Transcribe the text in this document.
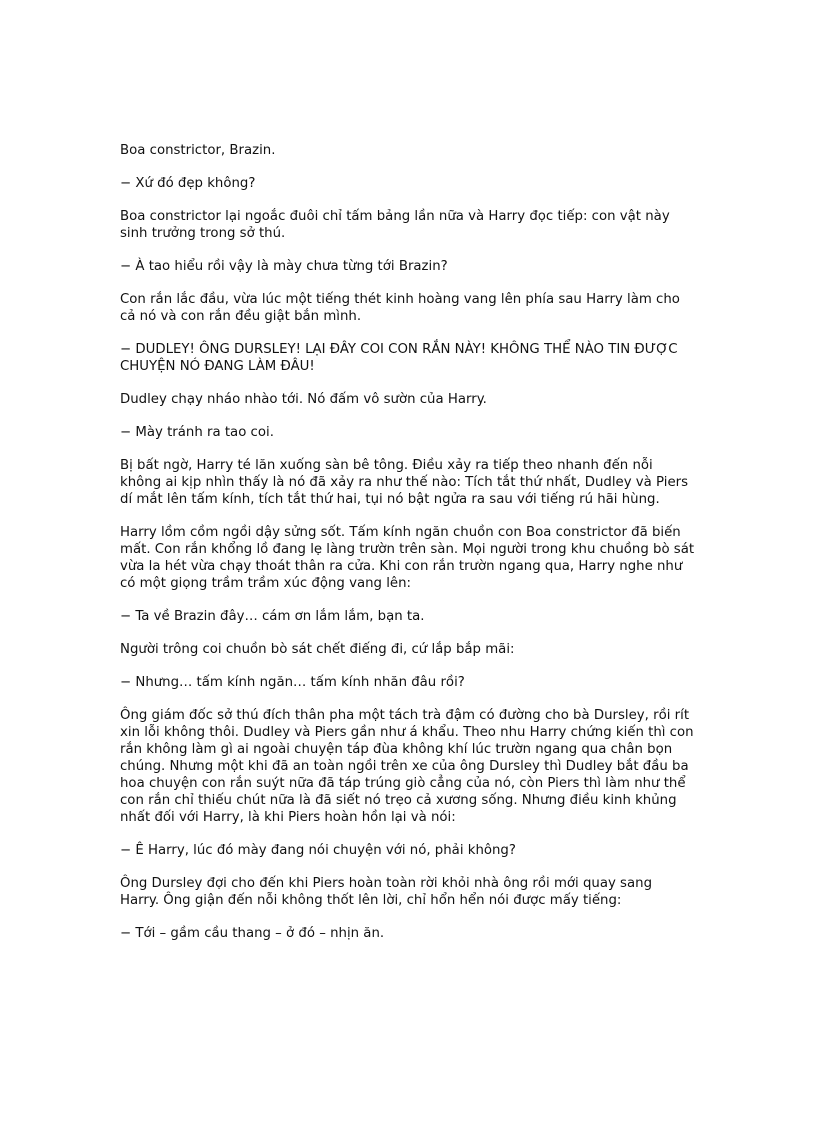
Boa constrictor, Brazin.

− Xứ đó đẹp không?

Boa constrictor lại ngoắc đuôi chỉ tấm bảng lần nữa và Harry đọc tiếp: con vật này sinh trưởng trong sở thú.

− À tao hiểu rồi vậy là mày chưa từng tới Brazin?

Con rắn lắc đầu, vừa lúc một tiếng thét kinh hoàng vang lên phía sau Harry làm cho cả nó và con rắn đều giật bắn mình.

− DUDLEY! ÔNG DURSLEY! LẠI ĐÂY COI CON RẮN NÀY! KHÔNG THỂ NÀO TIN ĐƯỢC CHUYỆN NÓ ĐANG LÀM ĐÂU!

Dudley chạy nháo nhào tới. Nó đấm vô sườn của Harry.

− Mày tránh ra tao coi.

Bị bất ngờ, Harry té lăn xuống sàn bê tông. Điều xảy ra tiếp theo nhanh đến nỗi không ai kịp nhìn thấy là nó đã xảy ra như thế nào: Tích tắt thứ nhất, Dudley và Piers dí mắt lên tấm kính, tích tắt thứ hai, tụi nó bật ngửa ra sau với tiếng rú hãi hùng.

Harry lồm cồm ngồi dậy sửng sốt. Tấm kính ngăn chuồn con Boa constrictor đã biến mất. Con rắn khổng lồ đang lẹ làng trườn trên sàn. Mọi người trong khu chuồng bò sát vừa la hét vừa chạy thoát thân ra cửa. Khi con rắn trườn ngang qua, Harry nghe như có một giọng trầm trầm xúc động vang lên:

− Ta về Brazin đây… cám ơn lắm lắm, bạn ta.

Người trông coi chuồn bò sát chết điếng đi, cứ lắp bắp mãi:

− Nhưng… tấm kính ngăn… tấm kính nhăn đâu rồi?

Ông giám đốc sở thú đích thân pha một tách trà đậm có đường cho bà Dursley, rồi rít xin lỗi không thôi. Dudley và Piers gần như á khẩu. Theo nhu Harry chứng kiến thì con rắn không làm gì ai ngoài chuyện táp đùa không khí lúc trườn ngang qua chân bọn chúng. Nhưng một khi đã an toàn ngồi trên xe của ông Dursley thì Dudley bắt đầu ba hoa chuyện con rắn suýt nữa đã táp trúng giò cẳng của nó, còn Piers thì làm như thể con rắn chỉ thiếu chút nữa là đã siết nó trẹo cả xương sống. Nhưng điều kinh khủng nhất đối với Harry, là khi Piers hoàn hồn lại và nói:

− Ê Harry, lúc đó mày đang nói chuyện với nó, phải không?

Ông Dursley đợi cho đến khi Piers hoàn toàn rời khỏi nhà ông rồi mới quay sang Harry. Ông giận đến nỗi không thốt lên lời, chỉ hổn hển nói được mấy tiếng:

− Tới – gầm cầu thang – ở đó – nhịn ăn.
